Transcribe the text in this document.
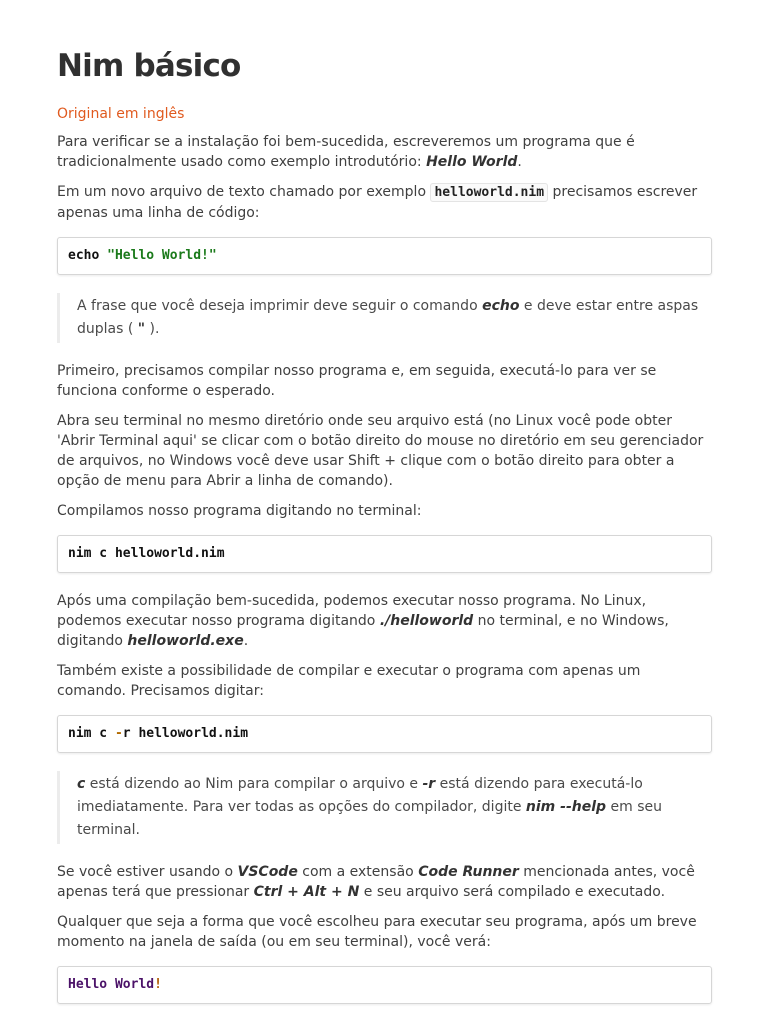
Nim básico
Original em inglês

Para verificar se a instalação foi bem-sucedida, escreveremos um programa que é tradicionalmente usado como exemplo introdutório: Hello World.

Em um novo arquivo de texto chamado por exemplo helloworld.nim precisamos escrever apenas uma linha de código:

echo "Hello World!"

A frase que você deseja imprimir deve seguir o comando echo e deve estar entre aspas duplas ( " ).

Primeiro, precisamos compilar nosso programa e, em seguida, executá-lo para ver se funciona conforme o esperado.

Abra seu terminal no mesmo diretório onde seu arquivo está (no Linux você pode obter 'Abrir Terminal aqui' se clicar com o botão direito do mouse no diretório em seu gerenciador de arquivos, no Windows você deve usar Shift + clique com o botão direito para obter a opção de menu para Abrir a linha de comando).

Compilamos nosso programa digitando no terminal:

nim c helloworld.nim

Após uma compilação bem-sucedida, podemos executar nosso programa. No Linux, podemos executar nosso programa digitando ./helloworld no terminal, e no Windows, digitando helloworld.exe.

Também existe a possibilidade de compilar e executar o programa com apenas um comando. Precisamos digitar:

nim c -r helloworld.nim

c está dizendo ao Nim para compilar o arquivo e -r está dizendo para executá-lo imediatamente. Para ver todas as opções do compilador, digite nim --help em seu terminal.

Se você estiver usando o VSCode com a extensão Code Runner mencionada antes, você apenas terá que pressionar Ctrl + Alt + N e seu arquivo será compilado e executado.

Qualquer que seja a forma que você escolheu para executar seu programa, após um breve momento na janela de saída (ou em seu terminal), você verá:

Hello World!
